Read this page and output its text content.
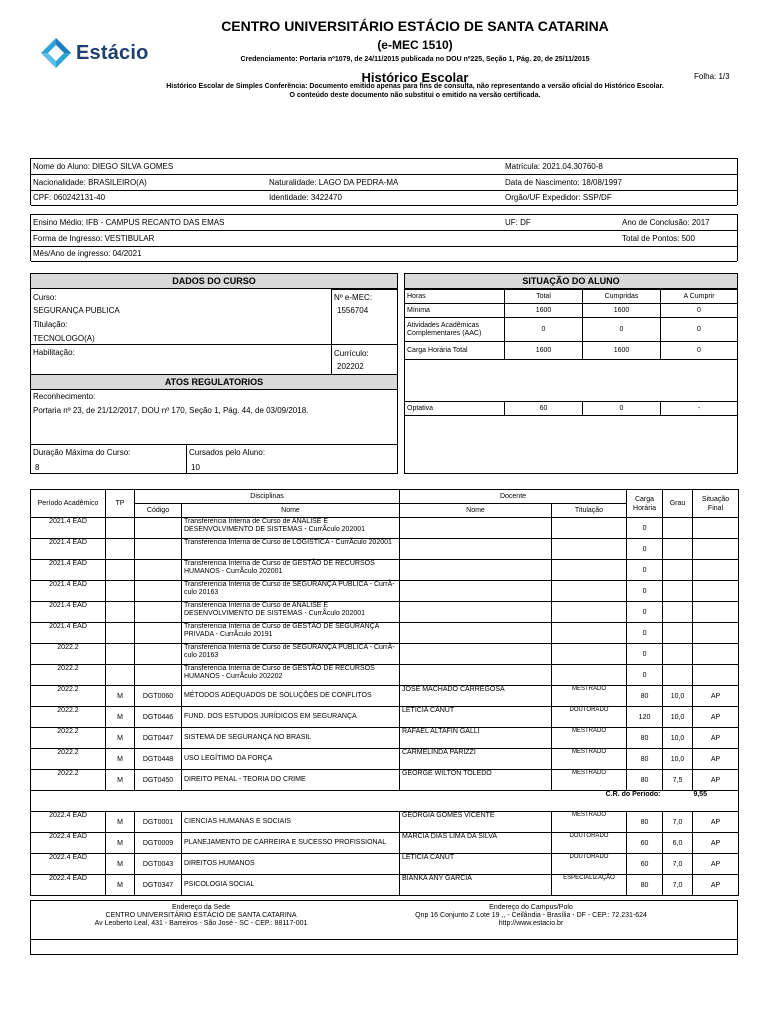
Estácio
CENTRO UNIVERSITÁRIO ESTÁCIO DE SANTA CATARINA
(e-MEC 1510)
Credenciamento: Portaria nº1079, de 24/11/2015 publicada no DOU nº225, Seção 1, Pág. 20, de 25/11/2015
Histórico Escolar
Histórico Escolar de Simples Conferência: Documento emitido apenas para fins de consulta, não representando a versão oficial do Histórico Escolar.
O conteúdo deste documento não substitui o emitido na versão certificada.
Folha: 1/3
Nome do Aluno: DIEGO SILVA GOMES	Matrícula: 2021.04.30760-8
Nacionalidade: BRASILEIRO(A)	Naturalidade: LAGO DA PEDRA-MA	Data de Nascimento: 18/08/1997
CPF: 060242131-40	Identidade: 3422470	Orgão/UF Expedidor: SSP/DF
Ensino Médio: IFB - CAMPUS RECANTO DAS EMAS	UF: DF	Ano de Conclusão: 2017
Forma de Ingresso: VESTIBULAR	Total de Pontos: 500
Mês/Ano de ingresso: 04/2021
DADOS DO CURSO
Curso:
SEGURANÇA PUBLICA
Nº e-MEC:
1556704
Titulação:
TECNOLOGO(A)
Habilitação:	Currículo:
202202
ATOS REGULATORIOS
Reconhecimento:
Portaria nº 23, de 21/12/2017, DOU nº 170, Seção 1, Pág. 44, de 03/09/2018.
Duração Máxima do Curso:
8
Cursados pelo Aluno:
10
SITUAÇÃO DO ALUNO
Horas	Total	Cumpridas	A Cumprir
Mínima	1600	1600	0
Atividades Acadêmicas Complementares (AAC)	0	0	0
Carga Horária Total	1600	1600	0
Optativa	60	0	-
Período Acadêmico	TP	Disciplinas		Docente		Carga Horária	Grau	Situação Final
		Código	Nome	Nome	Titulação			
2021.4 EAD			Transferencia Interna de Curso de ANALISE E DESENVOLVIMENTO DE SISTEMAS - CurrÃculo 202001			0		
2021.4 EAD			Transferencia Interna de Curso de LOGISTICA - CurrÃculo 202001			0		
2021.4 EAD			Transferencia Interna de Curso de GESTÃO DE RECURSOS HUMANOS - CurrÃculo 202001			0		
2021.4 EAD			Transferencia Interna de Curso de SEGURANÇA PUBLICA - CurrÃculo 20163			0		
2021.4 EAD			Transferencia Interna de Curso de ANALISE E DESENVOLVIMENTO DE SISTEMAS - CurrÃculo 202001			0		
2021.4 EAD			Transferencia Interna de Curso de GESTÃO DE SEGURANÇA PRIVADA - CurrÃculo 20191			0		
2022.2			Transferencia Interna de Curso de SEGURANÇA PUBLICA - CurrÃculo 20163			0		
2022.2			Transferencia Interna de Curso de GESTÃO DE RECURSOS HUMANOS - CurrÃculo 202202			0		
2022.2	M	DGT0060	MÉTODOS ADEQUADOS DE SOLUÇÕES DE CONFLITOS	JOSE MACHADO CARREGOSA	MESTRADO	80	10,0	AP
2022.2	M	DGT0446	FUND. DOS ESTUDOS JURÍDICOS EM SEGURANÇA	LETICIA CANUT	DOUTORADO	120	10,0	AP
2022.2	M	DGT0447	SISTEMA DE SEGURANÇA NO BRASIL	RAFAEL ALTAFIN GALLI	MESTRADO	80	10,0	AP
2022.2	M	DGT0448	USO LEGÍTIMO DA FORÇA	CARMELINDA PARIZZI	MESTRADO	80	10,0	AP
2022.2	M	DGT0450	DIREITO PENAL - TEORIA DO CRIME	GEORGE WILTON TOLEDO	MESTRADO	80	7,5	AP
C.R. do Período:							9,55	
2022.4 EAD	M	DGT0001	CIENCIAS HUMANAS E SOCIAIS	GEORGIA GOMES VICENTE	MESTRADO	80	7,0	AP
2022.4 EAD	M	DGT0009	PLANEJAMENTO DE CARREIRA E SUCESSO PROFISSIONAL	MARCIA DIAS LIMA DA SILVA	DOUTORADO	60	6,0	AP
2022.4 EAD	M	DGT0043	DIREITOS HUMANOS	LETICIA CANUT	DOUTORADO	60	7,0	AP
2022.4 EAD	M	DGT0347	PSICOLOGIA SOCIAL	BIANKA ANY GARCIA	ESPECIALIZAÇÃO	80	7,0	AP
Endereço da Sede
CENTRO UNIVERSITÁRIO ESTÁCIO DE SANTA CATARINA
Av Leoberto Leal, 431 - Barreiros - São José - SC - CEP.: 88117-001
Endereço do Campus/Polo
Qnp 16 Conjunto Z Lote 19 ,, - Ceilândia - Brasília - DF - CEP.: 72.231-624
http://www.estacio.br
